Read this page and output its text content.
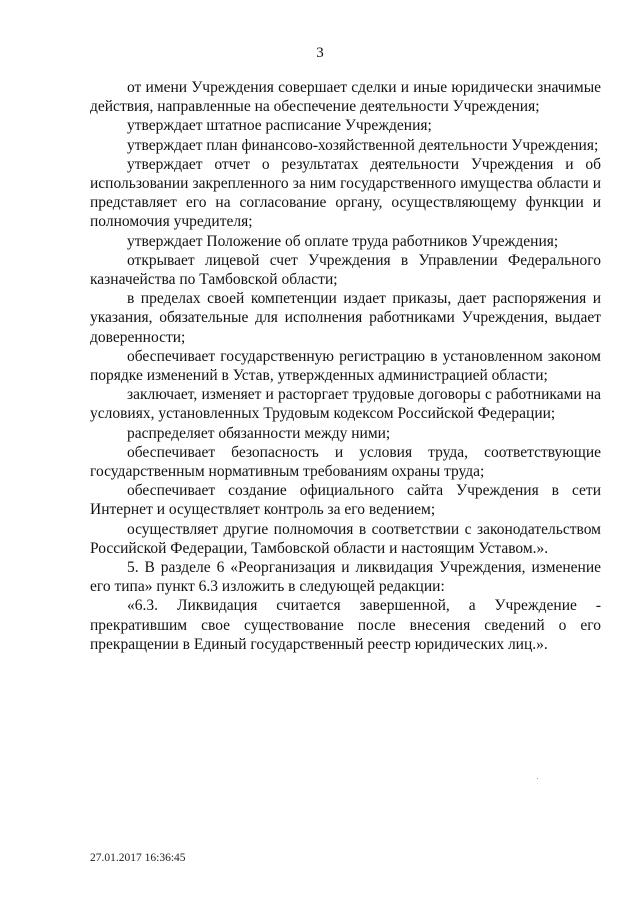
3

от имени Учреждения совершает сделки и иные юридически значимые действия, направленные на обеспечение деятельности Учреждения;

утверждает штатное расписание Учреждения;

утверждает план финансово-хозяйственной деятельности Учреждения;

утверждает отчет о результатах деятельности Учреждения и об использовании закрепленного за ним государственного имущества области и представляет его на согласование органу, осуществляющему функции и полномочия учредителя;

утверждает Положение об оплате труда работников Учреждения;

открывает лицевой счет Учреждения в Управлении Федерального казначейства по Тамбовской области;

в пределах своей компетенции издает приказы, дает распоряжения и указания, обязательные для исполнения работниками Учреждения, выдает доверенности;

обеспечивает государственную регистрацию в установленном законом порядке изменений в Устав, утвержденных администрацией области;

заключает, изменяет и расторгает трудовые договоры с работниками на условиях, установленных Трудовым кодексом Российской Федерации;

распределяет обязанности между ними;

обеспечивает безопасность и условия труда, соответствующие государственным нормативным требованиям охраны труда;

обеспечивает создание официального сайта Учреждения в сети Интернет и осуществляет контроль за его ведением;

осуществляет другие полномочия в соответствии с законодательством Российской Федерации, Тамбовской области и настоящим Уставом.».

5. В разделе 6 «Реорганизация и ликвидация Учреждения, изменение его типа» пункт 6.3 изложить в следующей редакции:

«6.3. Ликвидация считается завершенной, а Учреждение - прекратившим свое существование после внесения сведений о его прекращении в Единый государственный реестр юридических лиц.».

27.01.2017 16:36:45
